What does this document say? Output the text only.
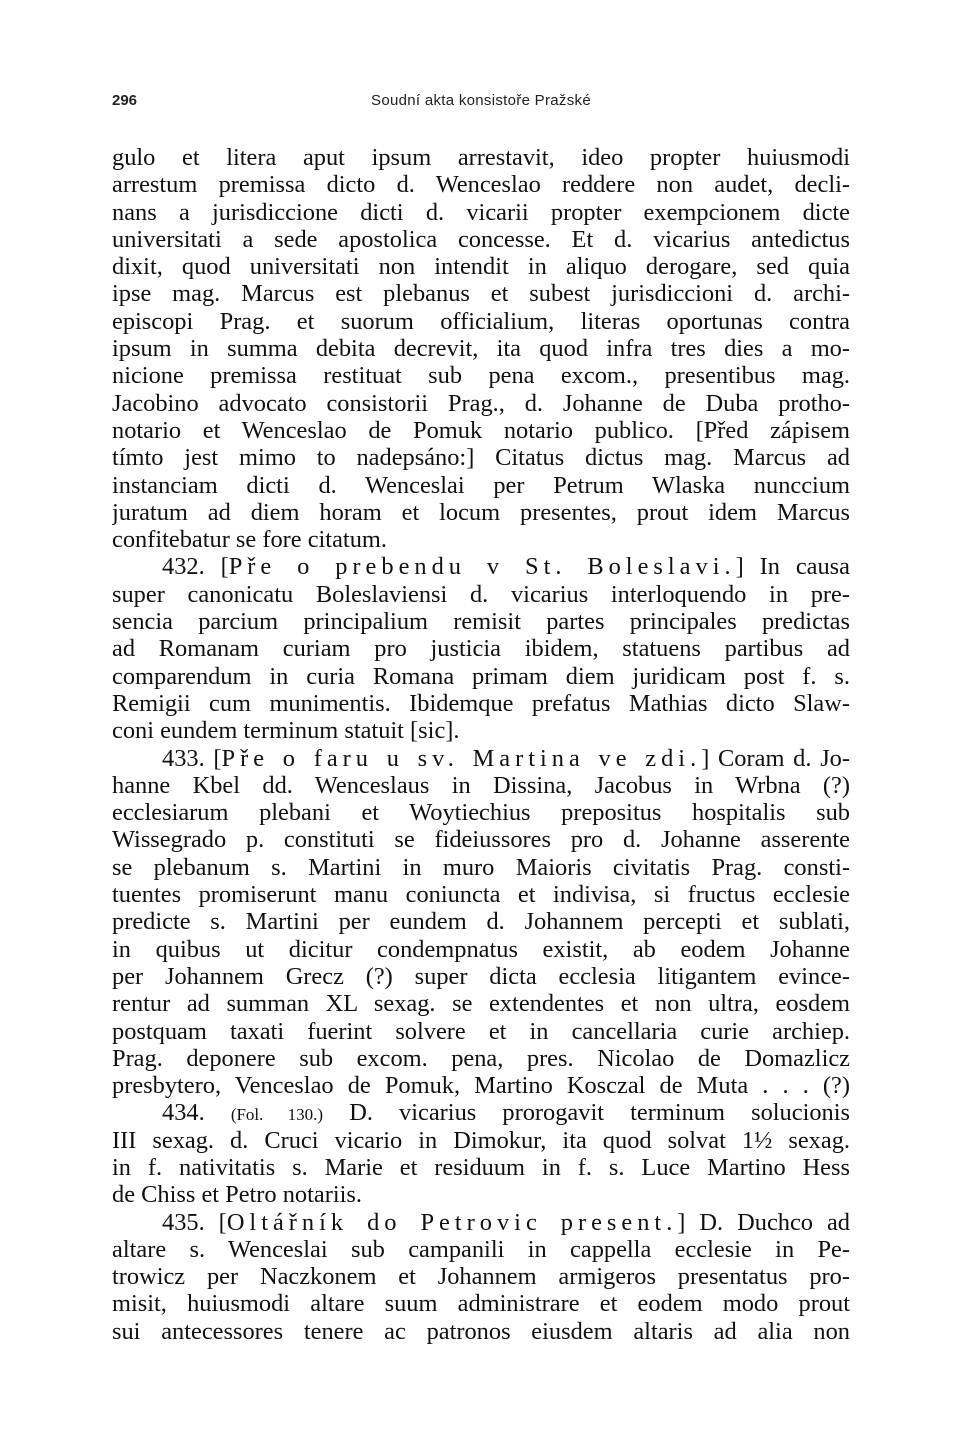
296	Soudní akta konsistoře Pražské
gulo et litera aput ipsum arrestavit, ideo propter huiusmodi
arrestum premissa dicto d. Wenceslao reddere non audet, decli-
nans a jurisdiccione dicti d. vicarii propter exempcionem dicte
universitati a sede apostolica concesse. Et d. vicarius antedictus
dixit, quod universitati non intendit in aliquo derogare, sed quia
ipse mag. Marcus est plebanus et subest jurisdiccioni d. archi-
episcopi Prag. et suorum officialium, literas oportunas contra
ipsum in summa debita decrevit, ita quod infra tres dies a mo-
nicione premissa restituat sub pena excom., presentibus mag.
Jacobino advocato consistorii Prag., d. Johanne de Duba protho-
notario et Wenceslao de Pomuk notario publico. [Před zápisem
tímto jest mimo to nadepsáno:] Citatus dictus mag. Marcus ad
instanciam dicti d. Wenceslai per Petrum Wlaska nunccium
juratum ad diem horam et locum presentes, prout idem Marcus
confitebatur se fore citatum.
432. [Pře o prebendu v St. Boleslavi.] In causa
super canonicatu Boleslaviensi d. vicarius interloquendo in pre-
sencia parcium principalium remisit partes principales predictas
ad Romanam curiam pro justicia ibidem, statuens partibus ad
comparendum in curia Romana primam diem juridicam post f. s.
Remigii cum munimentis. Ibidemque prefatus Mathias dicto Slaw-
coni eundem terminum statuit [sic].
433. [Pře o faru u sv. Martina ve zdi.] Coram d. Jo-
hanne Kbel dd. Wenceslaus in Dissina, Jacobus in Wrbna (?)
ecclesiarum plebani et Woytiechius prepositus hospitalis sub
Wissegrado p. constituti se fideiussores pro d. Johanne asserente
se plebanum s. Martini in muro Maioris civitatis Prag. consti-
tuentes promiserunt manu coniuncta et indivisa, si fructus ecclesie
predicte s. Martini per eundem d. Johannem percepti et sublati,
in quibus ut dicitur condempnatus existit, ab eodem Johanne
per Johannem Grecz (?) super dicta ecclesia litigantem evince-
rentur ad summan XL sexag. se extendentes et non ultra, eosdem
postquam taxati fuerint solvere et in cancellaria curie archiep.
Prag. deponere sub excom. pena, pres. Nicolao de Domazlicz
presbytero, Venceslao de Pomuk, Martino Kosczal de Muta . . . (?)
434. (Fol. 130.) D. vicarius prorogavit terminum solucionis
III sexag. d. Cruci vicario in Dimokur, ita quod solvat 1½ sexag.
in f. nativitatis s. Marie et residuum in f. s. Luce Martino Hess
de Chiss et Petro notariis.
435. [Oltářník do Petrovic present.] D. Duchco ad
altare s. Wenceslai sub campanili in cappella ecclesie in Pe-
trowicz per Naczkonem et Johannem armigeros presentatus pro-
misit, huiusmodi altare suum administrare et eodem modo prout
sui antecessores tenere ac patronos eiusdem altaris ad alia non
